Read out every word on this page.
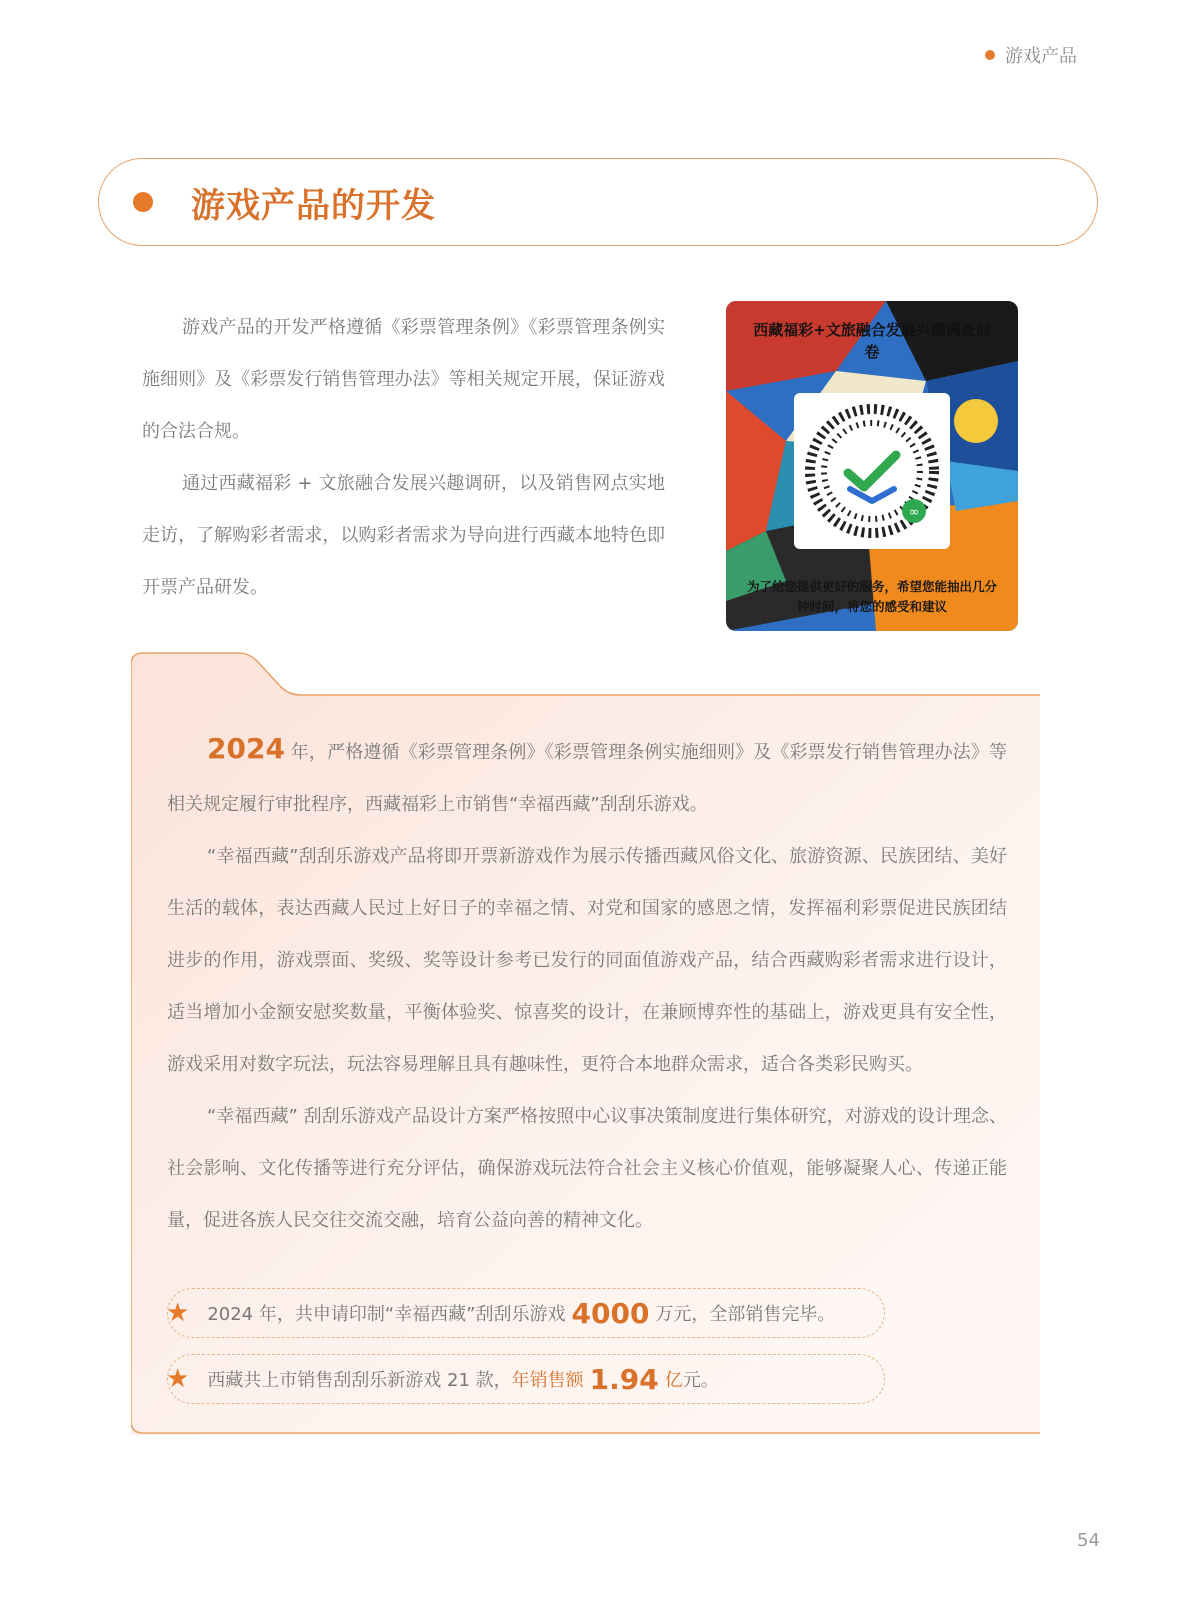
游戏产品
游戏产品的开发

游戏产品的开发严格遵循《彩票管理条例》《彩票管理条例实施细则》及《彩票发行销售管理办法》等相关规定开展，保证游戏的合法合规。

通过西藏福彩 + 文旅融合发展兴趣调研，以及销售网点实地走访，了解购彩者需求，以购彩者需求为导向进行西藏本地特色即开票产品研发。

西藏福彩+文旅融合发展兴趣调查问卷
∞
为了给您提供更好的服务，希望您能抽出几分钟时间，将您的感受和建议

2024 年，严格遵循《彩票管理条例》《彩票管理条例实施细则》及《彩票发行销售管理办法》等相关规定履行审批程序，西藏福彩上市销售“幸福西藏”刮刮乐游戏。

“幸福西藏”刮刮乐游戏产品将即开票新游戏作为展示传播西藏风俗文化、旅游资源、民族团结、美好生活的载体，表达西藏人民过上好日子的幸福之情、对党和国家的感恩之情，发挥福利彩票促进民族团结进步的作用，游戏票面、奖级、奖等设计参考已发行的同面值游戏产品，结合西藏购彩者需求进行设计，适当增加小金额安慰奖数量，平衡体验奖、惊喜奖的设计，在兼顾博弈性的基础上，游戏更具有安全性，游戏采用对数字玩法，玩法容易理解且具有趣味性，更符合本地群众需求，适合各类彩民购买。

“幸福西藏” 刮刮乐游戏产品设计方案严格按照中心议事决策制度进行集体研究，对游戏的设计理念、社会影响、文化传播等进行充分评估，确保游戏玩法符合社会主义核心价值观，能够凝聚人心、传递正能量，促进各族人民交往交流交融，培育公益向善的精神文化。

★ 2024 年，共申请印制“幸福西藏”刮刮乐游戏 4000 万元，全部销售完毕。
★ 西藏共上市销售刮刮乐新游戏 21 款， 年销售额 1.94 亿 元。
54
